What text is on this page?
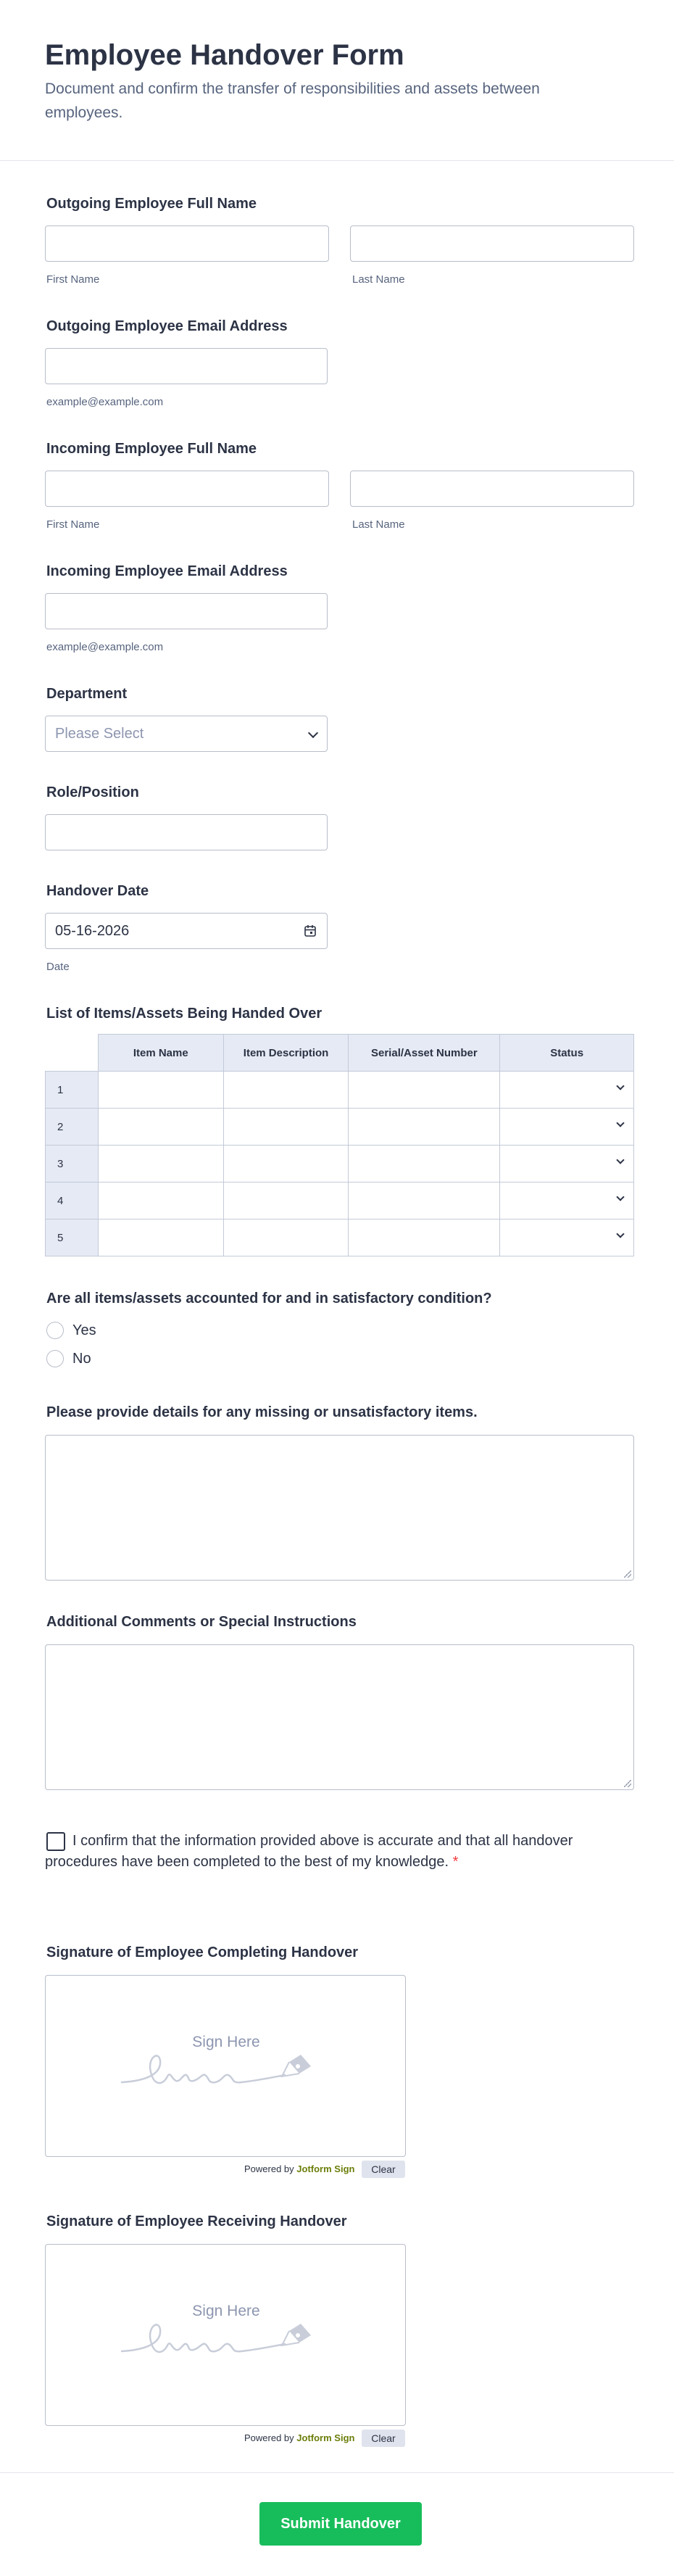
Employee Handover Form

Document and confirm the transfer of responsibilities and assets between employees.

Outgoing Employee Full Name
First Name	Last Name
Outgoing Employee Email Address
example@example.com
Incoming Employee Full Name
First Name	Last Name
Incoming Employee Email Address
example@example.com
Department
Please Select
Role/Position
Handover Date
05-16-2026
Date
List of Items/Assets Being Handed Over
	Item Name	Item Description	Serial/Asset Number	Status
1				

2				

3				

4				

5				
Are all items/assets accounted for and in satisfactory condition?
Yes
No
Please provide details for any missing or unsatisfactory items.
Additional Comments or Special Instructions
I confirm that the information provided above is accurate and that all handover procedures have been completed to the best of my knowledge. *
Signature of Employee Completing Handover
Sign Here
Powered by Jotform Sign	Clear
Signature of Employee Receiving Handover
Sign Here
Powered by Jotform Sign	Clear
Submit Handover
